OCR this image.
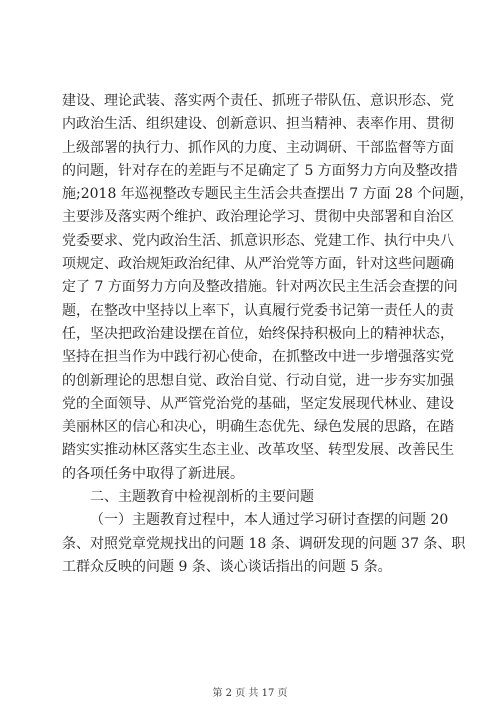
建设、理论武装、落实两个责任、抓班子带队伍、意识形态、党
内政治生活、组织建设、创新意识、担当精神、表率作用、贯彻
上级部署的执行力、抓作风的力度、主动调研、干部监督等方面
的问题，针对存在的差距与不足确定了 5 方面努力方向及整改措
施;2018 年巡视整改专题民主生活会共查摆出 7 方面 28 个问题，
主要涉及落实两个维护、政治理论学习、贯彻中央部署和自治区
党委要求、党内政治生活、抓意识形态、党建工作、执行中央八
项规定、政治规矩政治纪律、从严治党等方面，针对这些问题确
定了 7 方面努力方向及整改措施。针对两次民主生活会查摆的问
题，在整改中坚持以上率下，认真履行党委书记第一责任人的责
任，坚决把政治建设摆在首位，始终保持积极向上的精神状态，
坚持在担当作为中践行初心使命，在抓整改中进一步增强落实党
的创新理论的思想自觉、政治自觉、行动自觉，进一步夯实加强
党的全面领导、从严管党治党的基础，坚定发展现代林业、建设
美丽林区的信心和决心，明确生态优先、绿色发展的思路，在踏
踏实实推动林区落实生态主业、改革攻坚、转型发展、改善民生
的各项任务中取得了新进展。
二、主题教育中检视剖析的主要问题
（一）主题教育过程中，本人通过学习研讨查摆的问题 20
条、对照党章党规找出的问题 18 条、调研发现的问题 37 条、职
工群众反映的问题 9 条、谈心谈话指出的问题 5 条。
第 2 页 共 17 页
